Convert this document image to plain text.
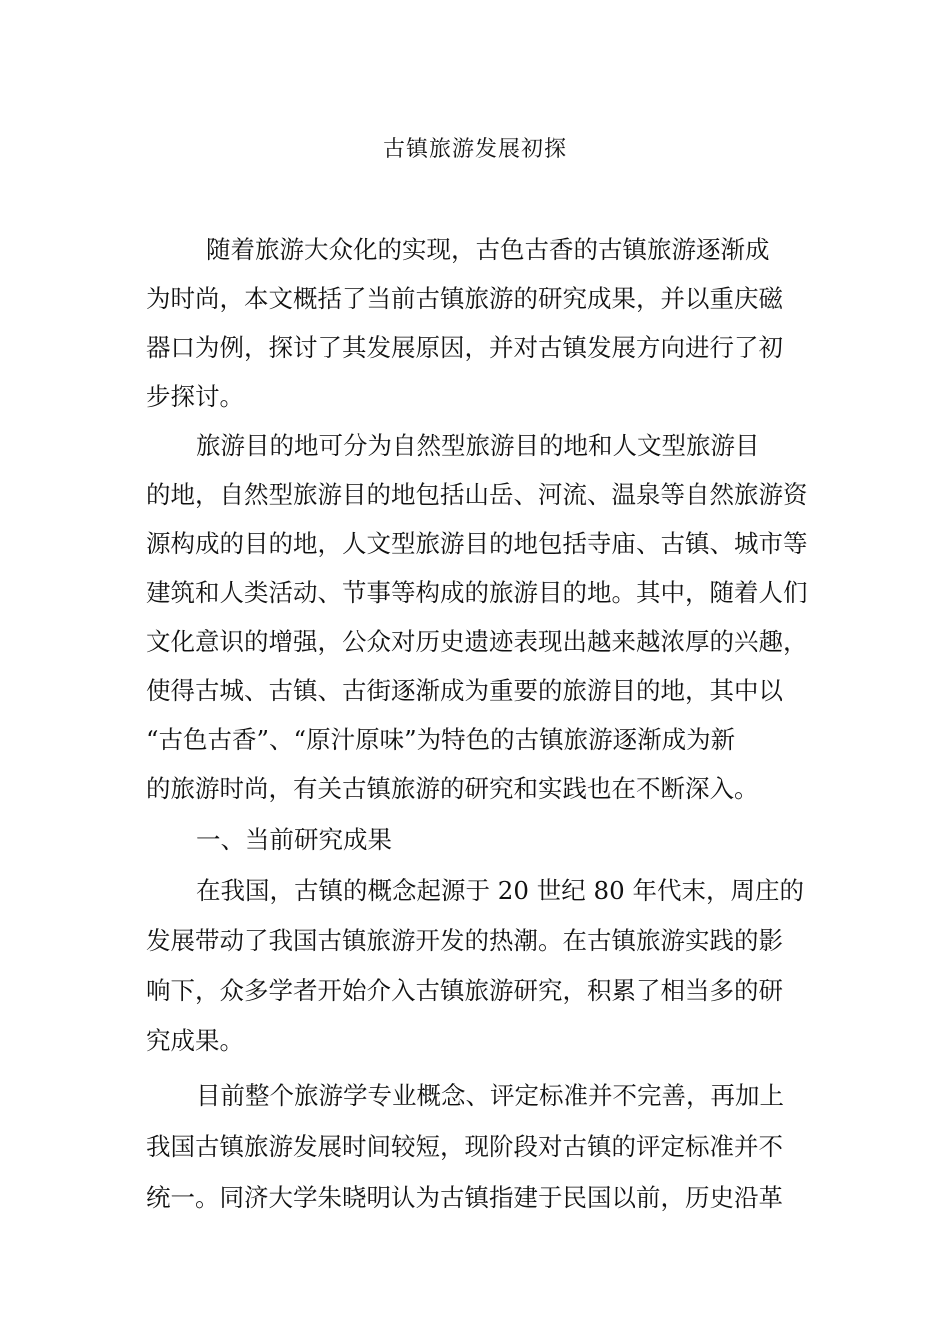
古镇旅游发展初探
随着旅游大众化的实现，古色古香的古镇旅游逐渐成
为时尚，本文概括了当前古镇旅游的研究成果，并以重庆磁
器口为例，探讨了其发展原因，并对古镇发展方向进行了初
步探讨。
旅游目的地可分为自然型旅游目的地和人文型旅游目
的地，自然型旅游目的地包括山岳、河流、温泉等自然旅游资
源构成的目的地，人文型旅游目的地包括寺庙、古镇、城市等
建筑和人类活动、节事等构成的旅游目的地。其中，随着人们
文化意识的增强，公众对历史遗迹表现出越来越浓厚的兴趣，
使得古城、古镇、古街逐渐成为重要的旅游目的地，其中以
“古色古香”、“原汁原味”为特色的古镇旅游逐渐成为新
的旅游时尚，有关古镇旅游的研究和实践也在不断深入。
一、当前研究成果
在我国，古镇的概念起源于 20 世纪 80 年代末，周庄的
发展带动了我国古镇旅游开发的热潮。在古镇旅游实践的影
响下，众多学者开始介入古镇旅游研究，积累了相当多的研
究成果。
目前整个旅游学专业概念、评定标准并不完善，再加上
我国古镇旅游发展时间较短，现阶段对古镇的评定标准并不
统一。同济大学朱晓明认为古镇指建于民国以前，历史沿革
